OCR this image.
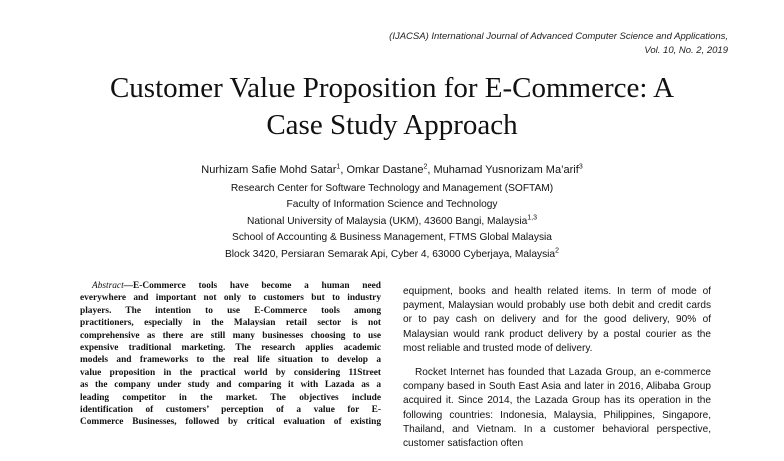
(IJACSA) International Journal of Advanced Computer Science and Applications,
Vol. 10, No. 2, 2019
Customer Value Proposition for E-Commerce: A
Case Study Approach
Nurhizam Safie Mohd Satar$^1$, Omkar Dastane$^2$, Muhamad Yusnorizam Ma’arif$^3$
Research Center for Software Technology and Management (SOFTAM)
Faculty of Information Science and Technology
National University of Malaysia (UKM), 43600 Bangi, Malaysia$^{1,3}$
School of Accounting & Business Management, FTMS Global Malaysia
Block 3420, Persiaran Semarak Api, Cyber 4, 63000 Cyberjaya, Malaysia$^2$

Abstract—E-Commerce tools have become a human need

everywhere and important not only to customers but to industry

players. The intention to use E-Commerce tools among

practitioners, especially in the Malaysian retail sector is not

comprehensive as there are still many businesses choosing to use

expensive traditional marketing. The research applies academic

models and frameworks to the real life situation to develop a

value proposition in the practical world by considering 11Street

as the company under study and comparing it with Lazada as a

leading competitor in the market. The objectives include

identification of customers’ perception of a value for E-

Commerce Businesses, followed by critical evaluation of existing

equipment, books and health related items. In term of mode of payment, Malaysian would probably use both debit and credit cards or to pay cash on delivery and for the good delivery, 90% of Malaysian would rank product delivery by a postal courier as the most reliable and trusted mode of delivery.

Rocket Internet has founded that Lazada Group, an e-commerce company based in South East Asia and later in 2016, Alibaba Group acquired it. Since 2014, the Lazada Group has its operation in the following countries: Indonesia, Malaysia, Philippines, Singapore, Thailand, and Vietnam. In a customer behavioral perspective, customer satisfaction often
